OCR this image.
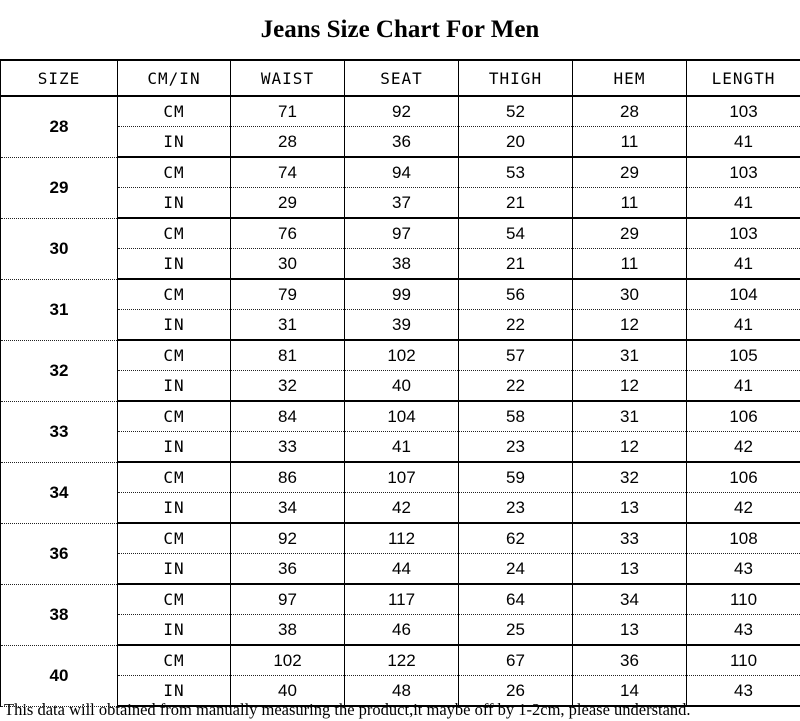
Jeans Size Chart For Men
SIZE	CM/IN	WAIST	SEAT	THIGH	HEM	LENGTH
28	CM	71	92	52	28	103
	IN	28	36	20	11	41
29	CM	74	94	53	29	103
	IN	29	37	21	11	41
30	CM	76	97	54	29	103
	IN	30	38	21	11	41
31	CM	79	99	56	30	104
	IN	31	39	22	12	41
32	CM	81	102	57	31	105
	IN	32	40	22	12	41
33	CM	84	104	58	31	106
	IN	33	41	23	12	42
34	CM	86	107	59	32	106
	IN	34	42	23	13	42
36	CM	92	112	62	33	108
	IN	36	44	24	13	43
38	CM	97	117	64	34	110
	IN	38	46	25	13	43
40	CM	102	122	67	36	110
	IN	40	48	26	14	43
This data will obtained from manually measuring the product,it maybe off by 1-2cm, please understand.
